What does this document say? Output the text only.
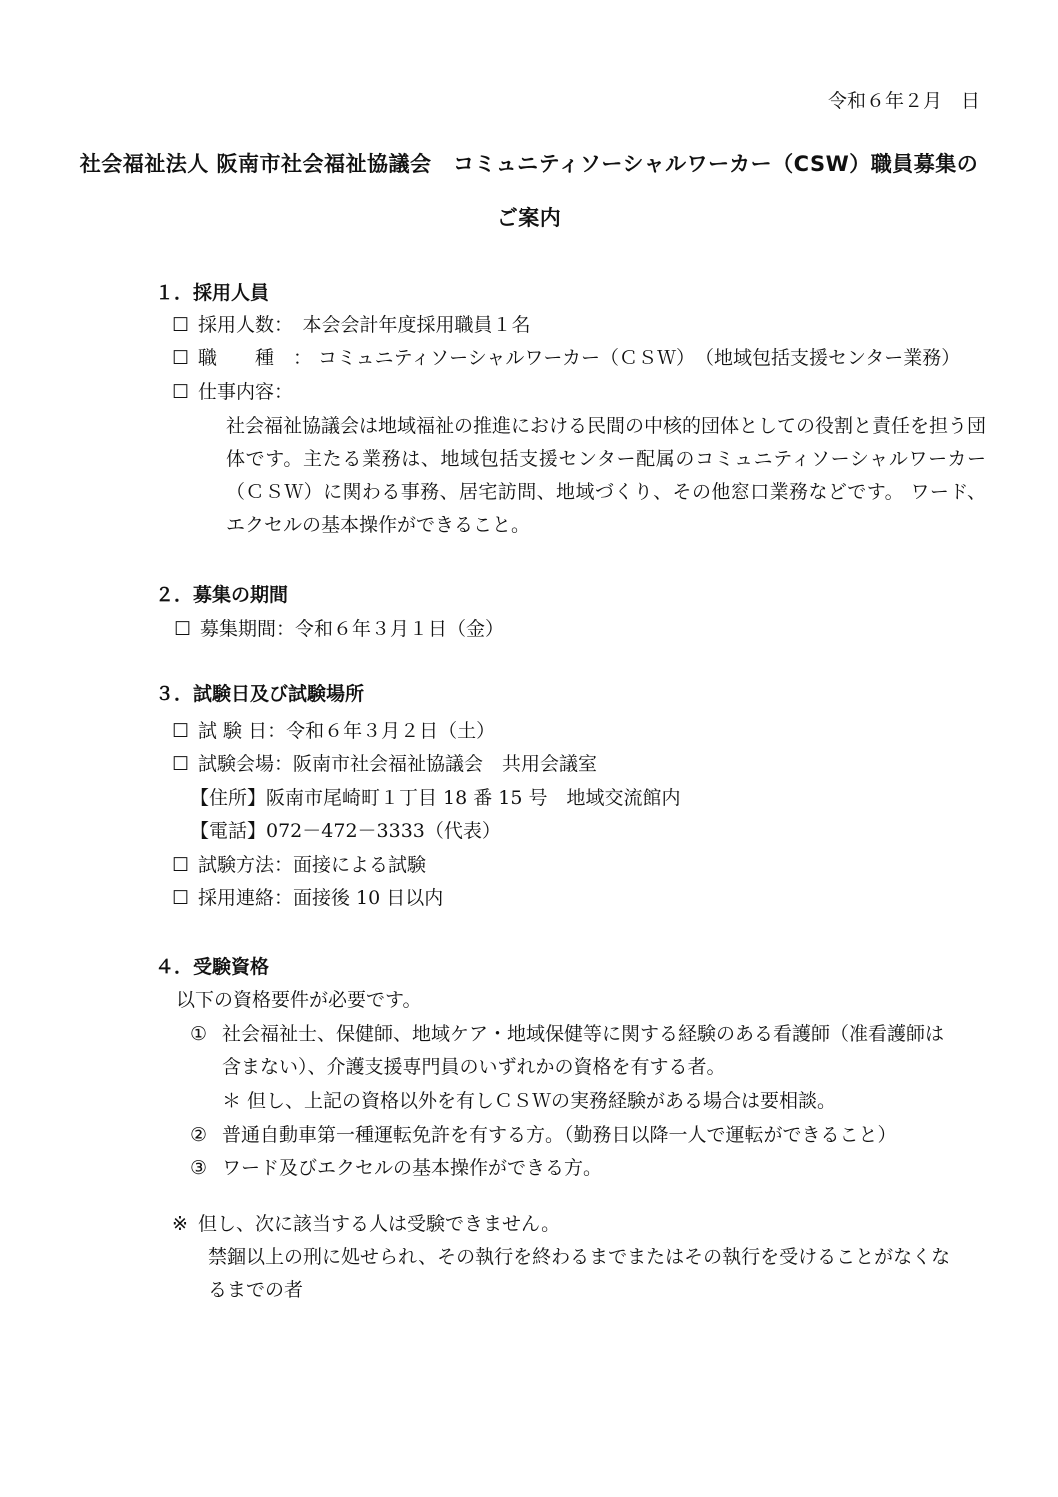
令和６年２月　日
社会福祉法人 阪南市社会福祉協議会　コミュニティソーシャルワーカー（CSW）職員募集の
ご案内
１．採用人員
☐ 採用人数：　本会会計年度採用職員１名
☐ 職　　種　： コミュニティソーシャルワーカー（ＣＳＷ）　（地域包括支援センター業務）
☐ 仕事内容：
社会福祉協議会は地域福祉の推進における民間の中核的団体としての役割と責任を担う団体です。主たる業務は、地域包括支援センター配属のコミュニティソーシャルワーカー（ＣＳＷ）に関わる事務、居宅訪問、地域づくり、その他窓口業務などです。 ワード、エクセルの基本操作ができること。
２．募集の期間
☐ 募集期間：令和６年３月１日（金）
３．試験日及び試験場所
☐ 試 験 日：令和６年３月２日（土）
☐ 試験会場：阪南市社会福祉協議会　共用会議室
【住所】阪南市尾崎町１丁目 18 番 15 号　地域交流館内
【電話】072－472－3333（代表）
☐ 試験方法：面接による試験
☐ 採用連絡：面接後 10 日以内
４．受験資格
以下の資格要件が必要です。
① 社会福祉士、保健師、地域ケア・地域保健等に関する経験のある看護師（准看護師は
含まない）、介護支援専門員のいずれかの資格を有する者。
＊ 但し、上記の資格以外を有しＣＳＷの実務経験がある場合は要相談。
② 普通自動車第一種運転免許を有する方。（勤務日以降一人で運転ができること）
③ ワード及びエクセルの基本操作ができる方。
※ 但し、次に該当する人は受験できません。
禁錮以上の刑に処せられ、その執行を終わるまでまたはその執行を受けることがなくな
るまでの者
